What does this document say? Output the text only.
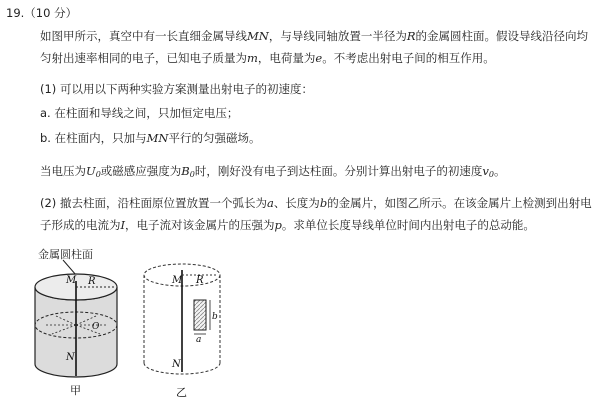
19.（10 分）
如图甲所示，真空中有一长直细金属导线MN，与导线同轴放置一半径为R的金属圆柱面。假设导线沿径向均
匀射出速率相同的电子，已知电子质量为m，电荷量为e。不考虑出射电子间的相互作用。
(1) 可以用以下两种实验方案测量出射电子的初速度：
a. 在柱面和导线之间，只加恒定电压；
b. 在柱面内，只加与MN平行的匀强磁场。
当电压为$U_0$或磁感应强度为$B_0$时，刚好没有电子到达柱面。分别计算出射电子的初速度$v_0$。
(2) 撤去柱面，沿柱面原位置放置一个弧长为a、长度为b的金属片，如图乙所示。在该金属片上检测到出射电
子形成的电流为I，电子流对该金属片的压强为p。求单位长度导线单位时间内出射电子的总动能。
金属圆柱面
M R
O
N
甲
M R
a
b
N
乙
